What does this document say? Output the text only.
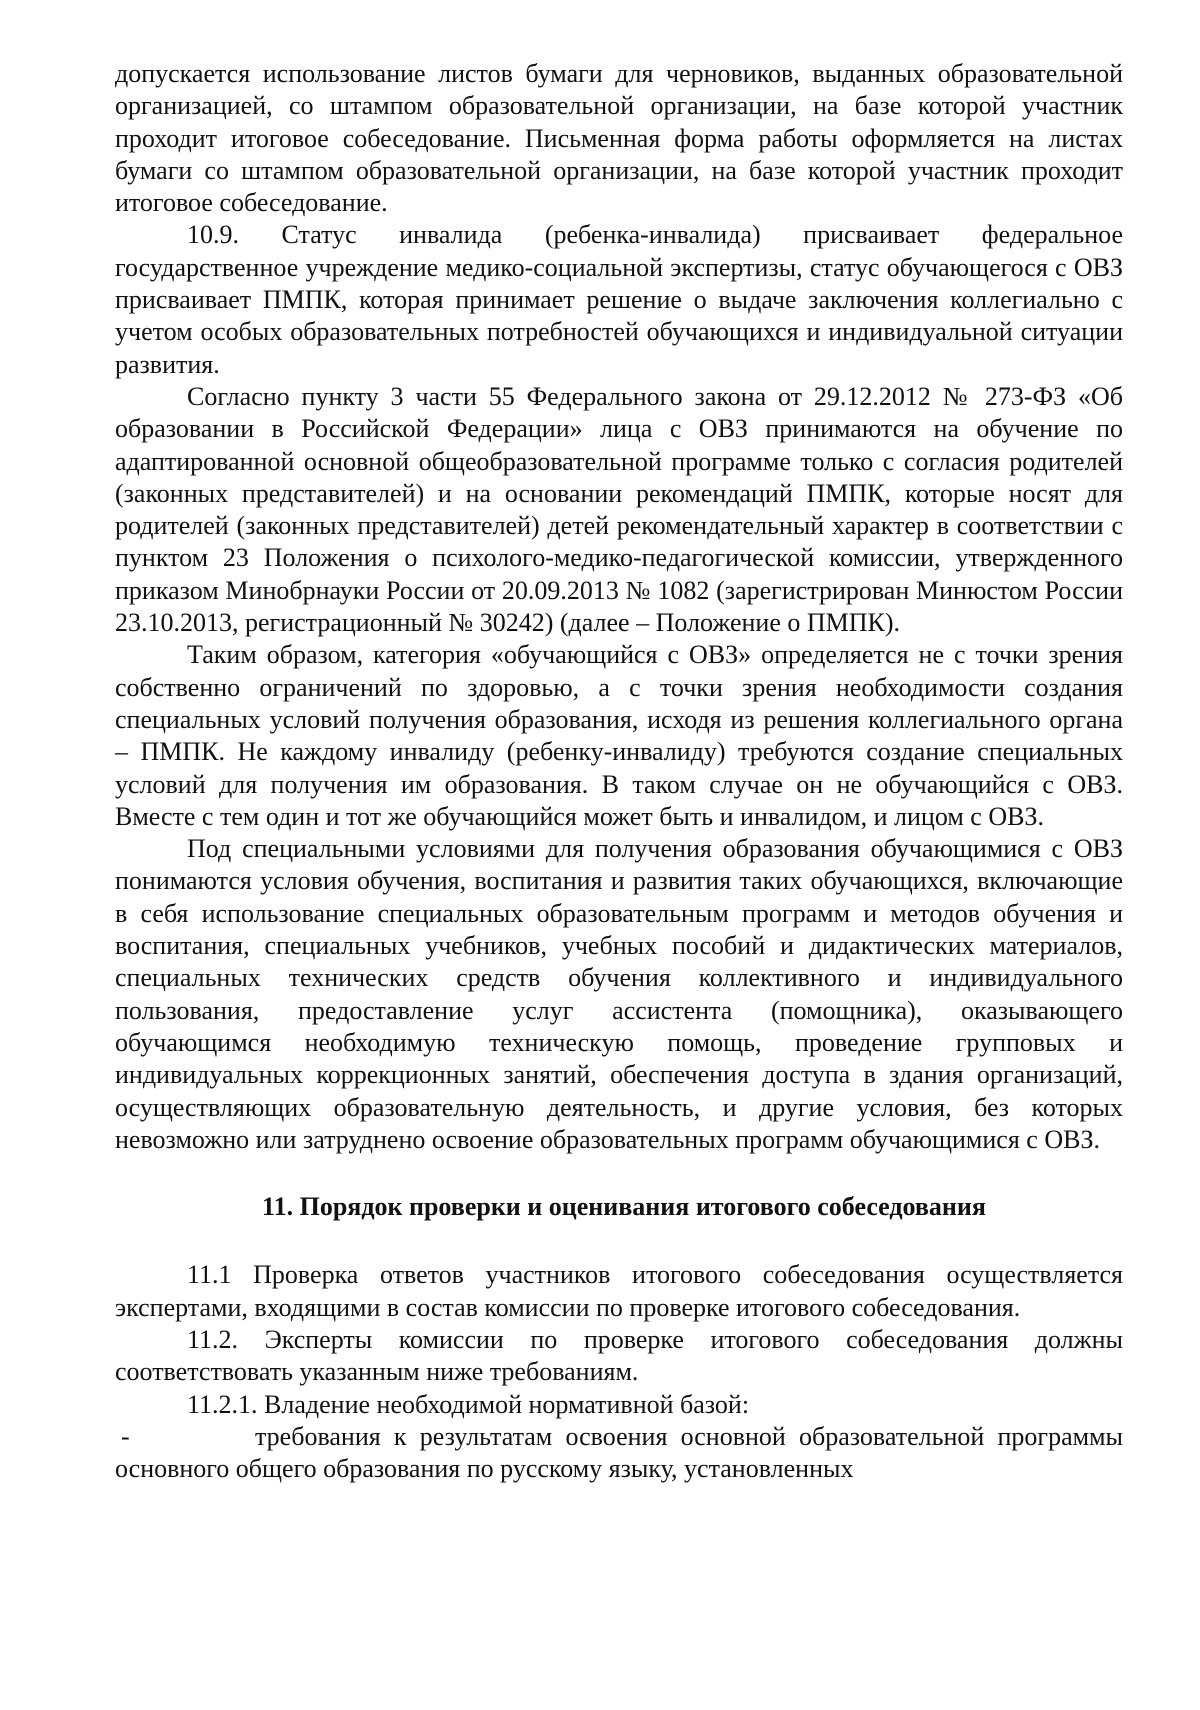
допускается использование листов бумаги для черновиков, выданных образовательной организацией, со штампом образовательной организации, на базе которой участник проходит итоговое собеседование. Письменная форма работы оформляется на листах бумаги со штампом образовательной организации, на базе которой участник проходит итоговое собеседование.

10.9. Статус инвалида (ребенка-инвалида) присваивает федеральное государственное учреждение медико-социальной экспертизы, статус обучающегося с ОВЗ присваивает ПМПК, которая принимает решение о выдаче заключения коллегиально с учетом особых образовательных потребностей обучающихся и индивидуальной ситуации развития.

Согласно пункту 3 части 55 Федерального закона от 29.12.2012 № 273-ФЗ «Об образовании в Российской Федерации» лица с ОВЗ принимаются на обучение по адаптированной основной общеобразовательной программе только с согласия родителей (законных представителей) и на основании рекомендаций ПМПК, которые носят для родителей (законных представителей) детей рекомендательный характер в соответствии с пунктом 23 Положения о психолого-медико-педагогической комиссии, утвержденного приказом Минобрнауки России от 20.09.2013 № 1082 (зарегистрирован Минюстом России 23.10.2013, регистрационный № 30242) (далее – Положение о ПМПК).

Таким образом, категория «обучающийся с ОВЗ» определяется не с точки зрения собственно ограничений по здоровью, а с точки зрения необходимости создания специальных условий получения образования, исходя из решения коллегиального органа – ПМПК. Не каждому инвалиду (ребенку-инвалиду) требуются создание специальных условий для получения им образования. В таком случае он не обучающийся с ОВЗ. Вместе с тем один и тот же обучающийся может быть и инвалидом, и лицом с ОВЗ.

Под специальными условиями для получения образования обучающимися с ОВЗ понимаются условия обучения, воспитания и развития таких обучающихся, включающие в себя использование специальных образовательным программ и методов обучения и воспитания, специальных учебников, учебных пособий и дидактических материалов, специальных технических средств обучения коллективного и индивидуального пользования, предоставление услуг ассистента (помощника), оказывающего обучающимся необходимую техническую помощь, проведение групповых и индивидуальных коррекционных занятий, обеспечения доступа в здания организаций, осуществляющих образовательную деятельность, и другие условия, без которых невозможно или затруднено освоение образовательных программ обучающимися с ОВЗ.

11. Порядок проверки и оценивания итогового собеседования

11.1 Проверка ответов участников итогового собеседования осуществляется экспертами, входящими в состав комиссии по проверке итогового собеседования.

11.2. Эксперты комиссии по проверке итогового собеседования должны соответствовать указанным ниже требованиям.

11.2.1. Владение необходимой нормативной базой:

-	требования к результатам освоения основной образовательной программы основного общего образования по русскому языку, установленных
